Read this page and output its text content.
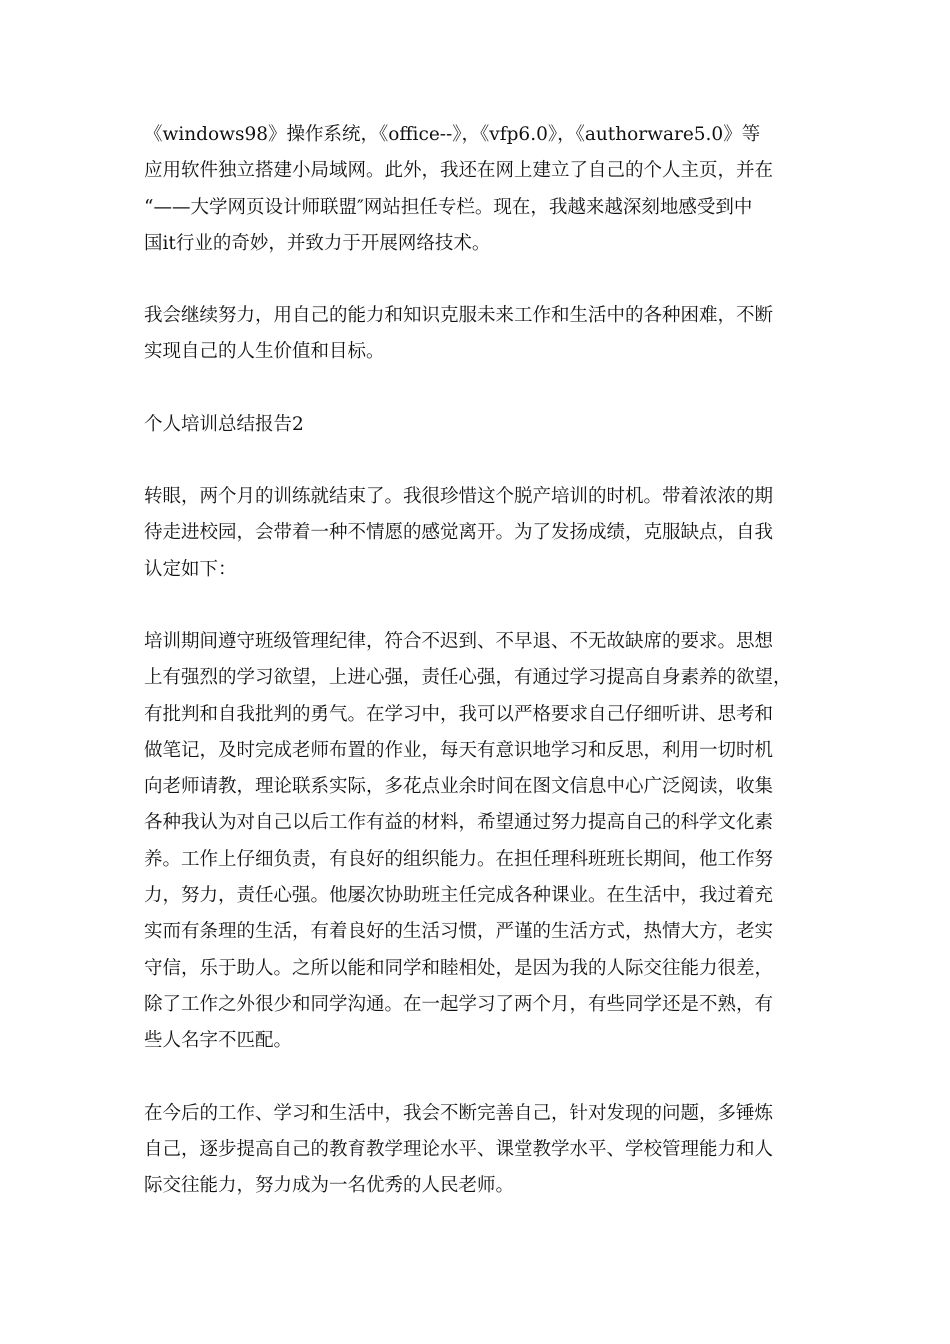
《windows98》操作系统，《office--》，《vfp6.0》，《authorware5.0》等
应用软件独立搭建小局域网。此外，我还在网上建立了自己的个人主页，并在
“——大学网页设计师联盟″网站担任专栏。现在，我越来越深刻地感受到中
国it行业的奇妙，并致力于开展网络技术。

我会继续努力，用自己的能力和知识克服未来工作和生活中的各种困难，不断
实现自己的人生价值和目标。

个人培训总结报告2

转眼，两个月的训练就结束了。我很珍惜这个脱产培训的时机。带着浓浓的期
待走进校园，会带着一种不情愿的感觉离开。为了发扬成绩，克服缺点，自我
认定如下：

培训期间遵守班级管理纪律，符合不迟到、不早退、不无故缺席的要求。思想
上有强烈的学习欲望，上进心强，责任心强，有通过学习提高自身素养的欲望，
有批判和自我批判的勇气。在学习中，我可以严格要求自己仔细听讲、思考和
做笔记，及时完成老师布置的作业，每天有意识地学习和反思，利用一切时机
向老师请教，理论联系实际，多花点业余时间在图文信息中心广泛阅读，收集
各种我认为对自己以后工作有益的材料，希望通过努力提高自己的科学文化素
养。工作上仔细负责，有良好的组织能力。在担任理科班班长期间，他工作努
力，努力，责任心强。他屡次协助班主任完成各种课业。在生活中，我过着充
实而有条理的生活，有着良好的生活习惯，严谨的生活方式，热情大方，老实
守信，乐于助人。之所以能和同学和睦相处，是因为我的人际交往能力很差，
除了工作之外很少和同学沟通。在一起学习了两个月，有些同学还是不熟，有
些人名字不匹配。

在今后的工作、学习和生活中，我会不断完善自己，针对发现的问题，多锤炼
自己，逐步提高自己的教育教学理论水平、课堂教学水平、学校管理能力和人
际交往能力，努力成为一名优秀的人民老师。
